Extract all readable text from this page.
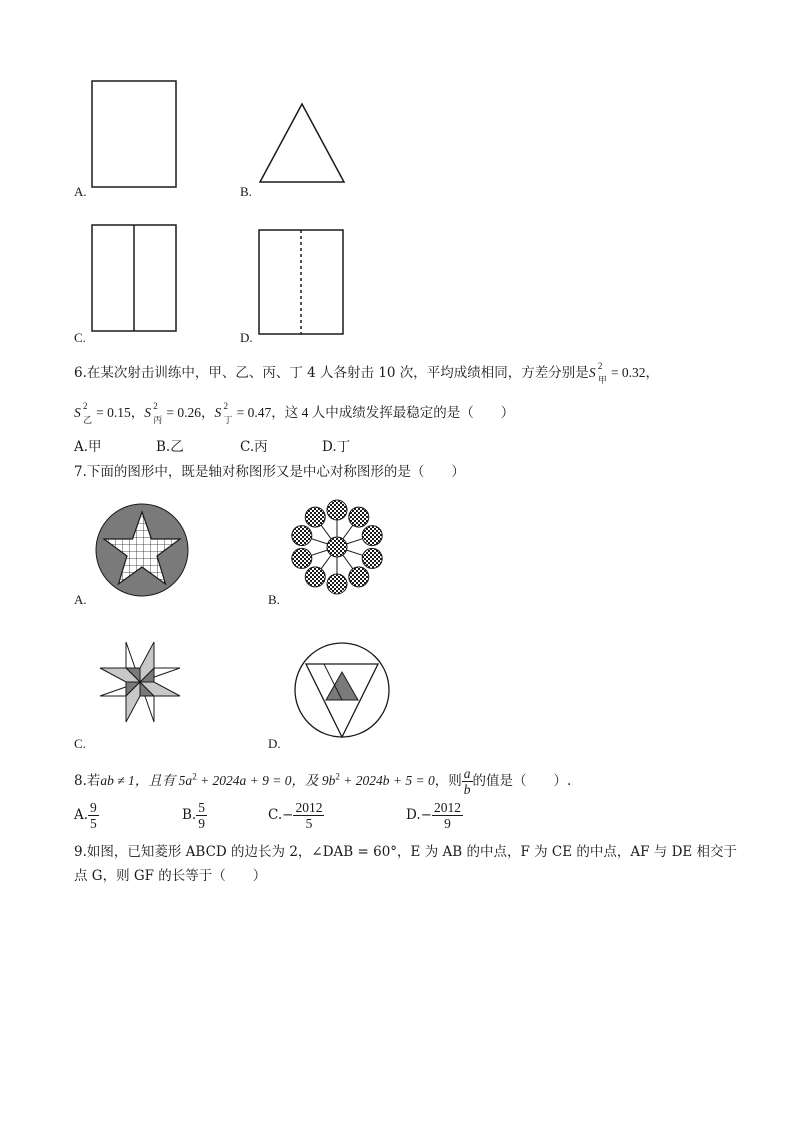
A.	B.
C.	D.
6.在某次射击训练中，甲、乙、丙、丁 4 人各射击 10 次，平均成绩相同，方差分别是S 2
甲 = 0.32，
S 2
乙 = 0.15，S 2
丙 = 0.26，S 2
丁 = 0.47，这 4 人中成绩发挥最稳定的是（　　）
A.甲	B.乙	C.丙	D.丁
7.下面的图形中，既是轴对称图形又是中心对称图形的是（　　）
A.	B.
C.	D.
8.若ab ≠ 1，且有 $5a^2 + 2024a + 9 = 0$，及 $9b^2 + 2024b + 5 = 0$，则 $\frac{a}{b}$ 的值是（　　）.
A. $\frac{9}{5}$	B. $\frac{5}{9}$	$C.- \frac{2012}{5}$	$D.- \frac{2012}{9}$
9.如图，已知菱形 ABCD 的边长为 2，∠DAB = 60°，E 为 AB 的中点，F 为 CE 的中点，AF 与 DE 相交于
点 G，则 GF 的长等于（　　）
